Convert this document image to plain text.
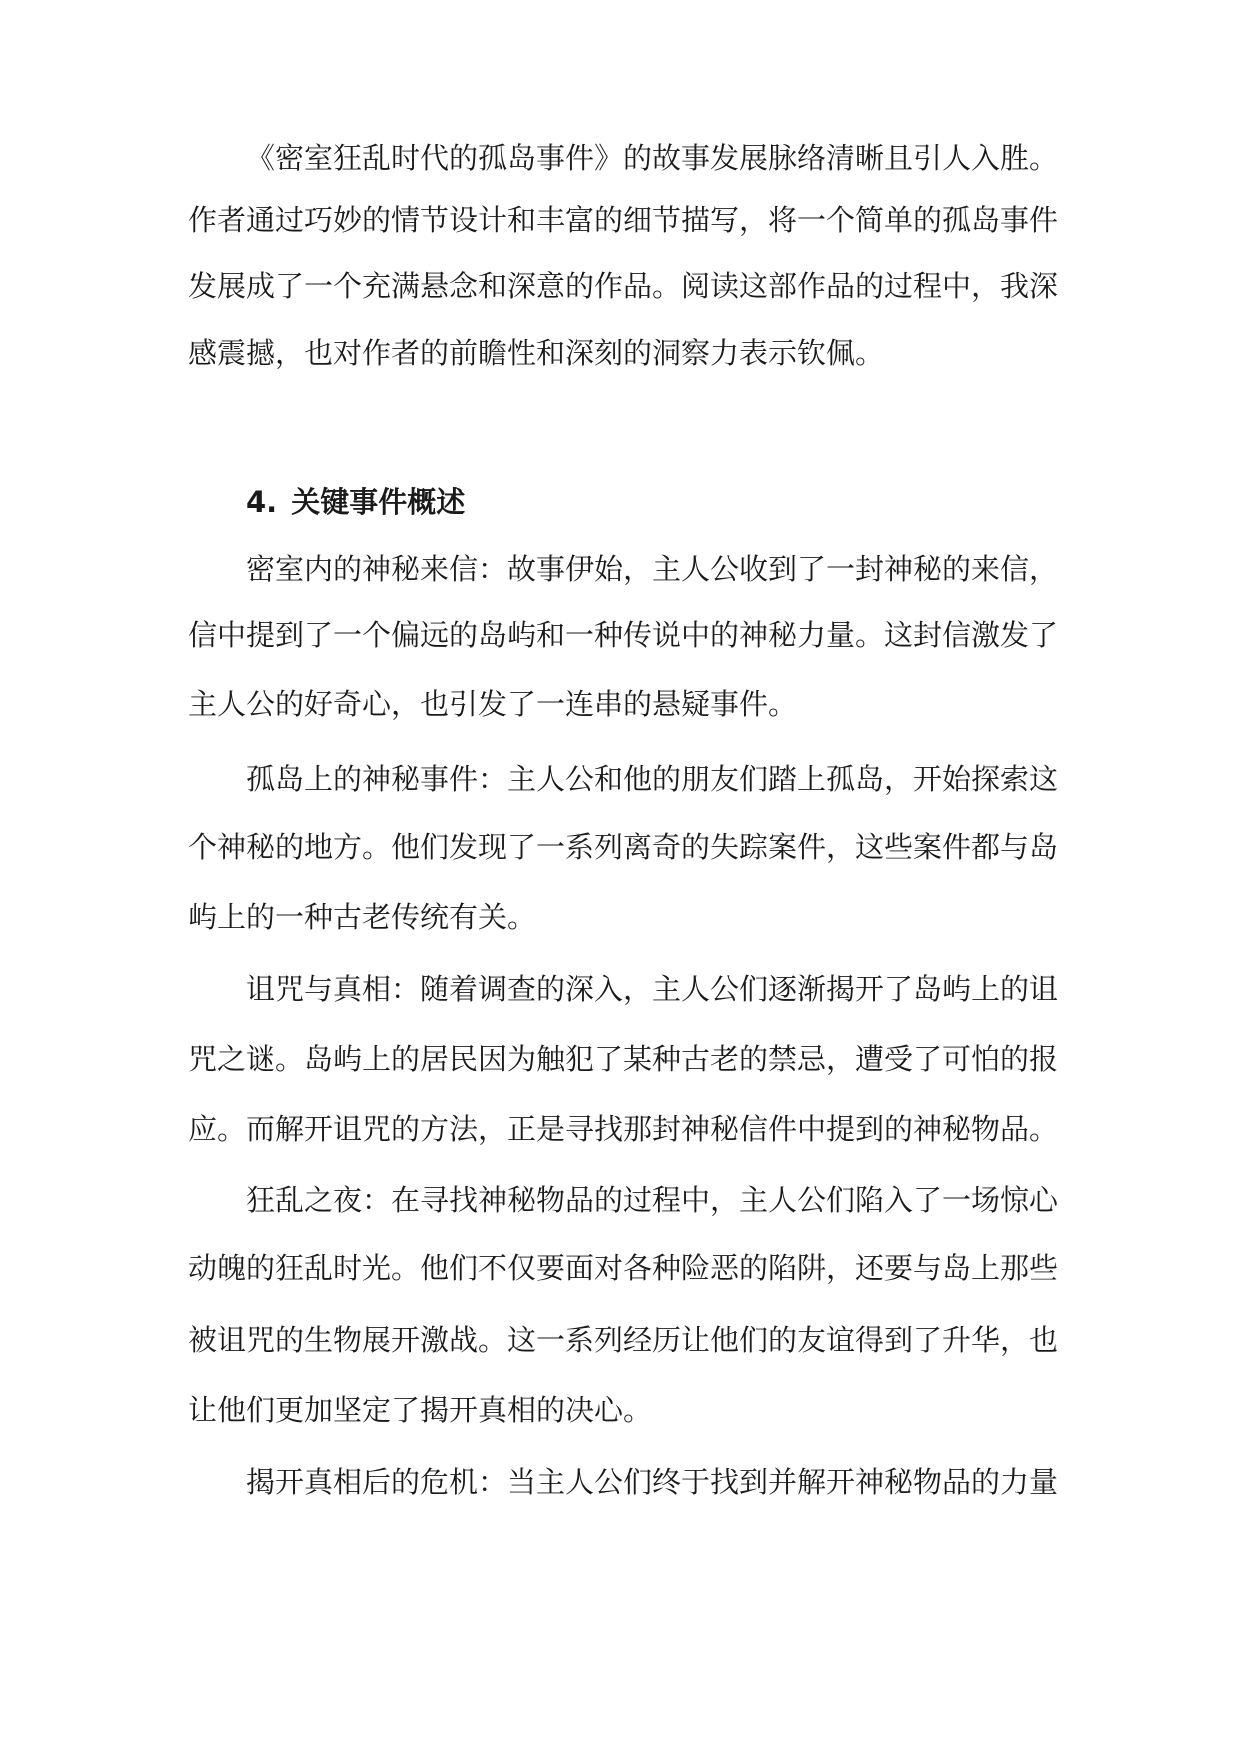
《密室狂乱时代的孤岛事件》的故事发展脉络清晰且引人入胜。

作者通过巧妙的情节设计和丰富的细节描写，将一个简单的孤岛事件

发展成了一个充满悬念和深意的作品。阅读这部作品的过程中，我深

感震撼，也对作者的前瞻性和深刻的洞察力表示钦佩。

4. 关键事件概述

密室内的神秘来信：故事伊始，主人公收到了一封神秘的来信，

信中提到了一个偏远的岛屿和一种传说中的神秘力量。这封信激发了

主人公的好奇心，也引发了一连串的悬疑事件。

孤岛上的神秘事件：主人公和他的朋友们踏上孤岛，开始探索这

个神秘的地方。他们发现了一系列离奇的失踪案件，这些案件都与岛

屿上的一种古老传统有关。

诅咒与真相：随着调查的深入，主人公们逐渐揭开了岛屿上的诅

咒之谜。岛屿上的居民因为触犯了某种古老的禁忌，遭受了可怕的报

应。而解开诅咒的方法，正是寻找那封神秘信件中提到的神秘物品。

狂乱之夜：在寻找神秘物品的过程中，主人公们陷入了一场惊心

动魄的狂乱时光。他们不仅要面对各种险恶的陷阱，还要与岛上那些

被诅咒的生物展开激战。这一系列经历让他们的友谊得到了升华，也

让他们更加坚定了揭开真相的决心。

揭开真相后的危机：当主人公们终于找到并解开神秘物品的力量
